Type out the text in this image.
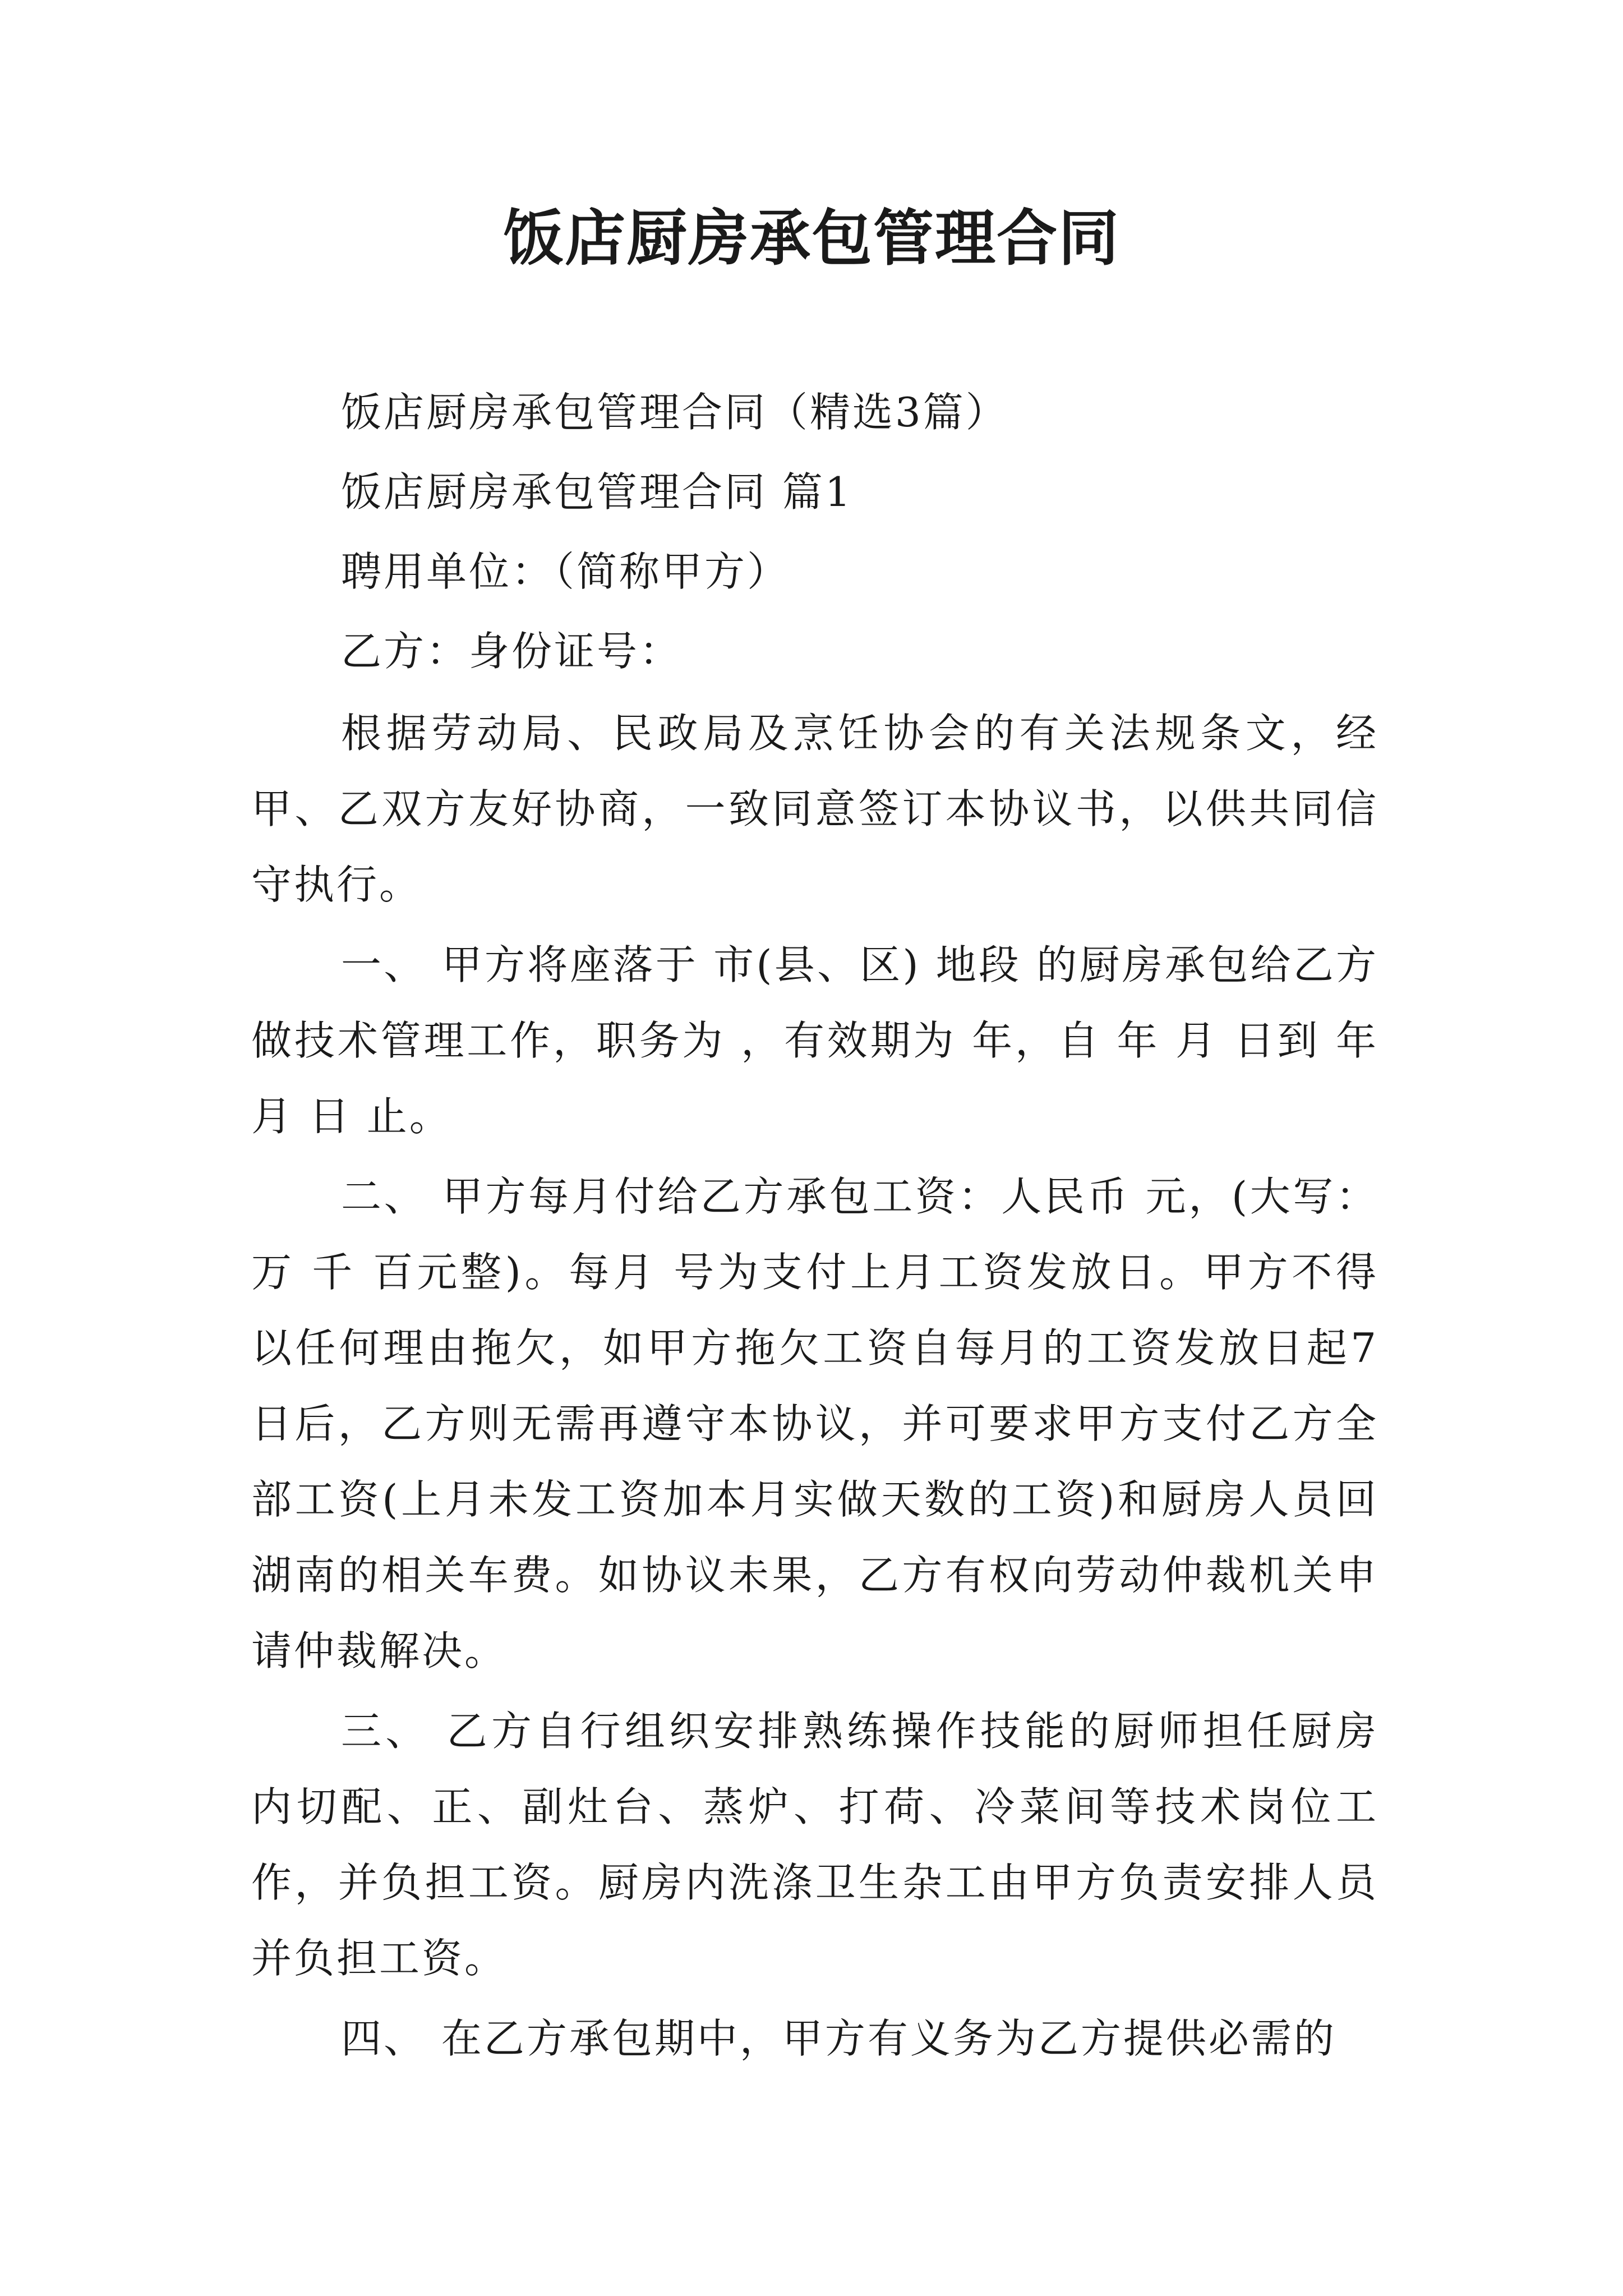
饭店厨房承包管理合同

饭店厨房承包管理合同（精选3篇）

饭店厨房承包管理合同 篇1

聘用单位：（简称甲方）

乙方：身份证号：

根据劳动局、民政局及烹饪协会的有关法规条文，经甲、乙双方友好协商，一致同意签订本协议书，以供共同信守执行。

一、 甲方将座落于 市(县、区) 地段 的厨房承包给乙方做技术管理工作，职务为 ，有效期为 年，自 年 月 日到 年 月 日 止。

二、 甲方每月付给乙方承包工资：人民币 元，(大写：万 千 百元整)。每月 号为支付上月工资发放日。甲方不得以任何理由拖欠，如甲方拖欠工资自每月的工资发放日起7日后，乙方则无需再遵守本协议，并可要求甲方支付乙方全部工资(上月未发工资加本月实做天数的工资)和厨房人员回湖南的相关车费。如协议未果，乙方有权向劳动仲裁机关申请仲裁解决。

三、 乙方自行组织安排熟练操作技能的厨师担任厨房内切配、正、副灶台、蒸炉、打荷、冷菜间等技术岗位工作，并负担工资。厨房内洗涤卫生杂工由甲方负责安排人员并负担工资。

四、 在乙方承包期中，甲方有义务为乙方提供必需的
